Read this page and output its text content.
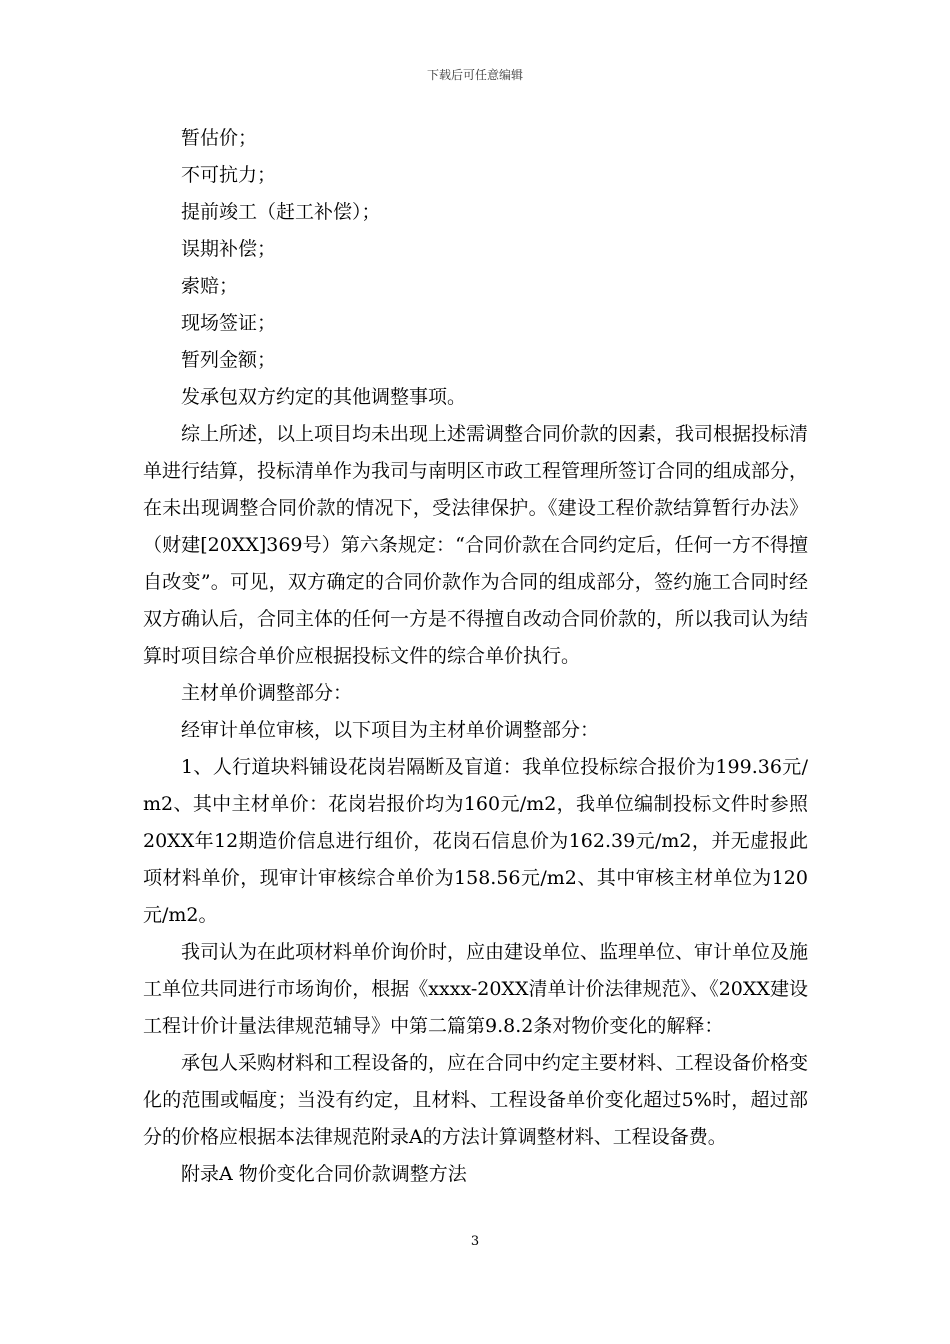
下载后可任意编辑

暂估价；

不可抗力；

提前竣工（赶工补偿）；

误期补偿；

索赔；

现场签证；

暂列金额；

发承包双方约定的其他调整事项。

综上所述，以上项目均未出现上述需调整合同价款的因素，我司根据投标清单进行结算，投标清单作为我司与南明区市政工程管理所签订合同的组成部分，在未出现调整合同价款的情况下，受法律保护。《建设工程价款结算暂行办法》（财建[20XX]369号）第六条规定：“合同价款在合同约定后，任何一方不得擅自改变”。可见，双方确定的合同价款作为合同的组成部分，签约施工合同时经双方确认后，合同主体的任何一方是不得擅自改动合同价款的，所以我司认为结算时项目综合单价应根据投标文件的综合单价执行。

主材单价调整部分：

经审计单位审核，以下项目为主材单价调整部分：

1、人行道块料铺设花岗岩隔断及盲道：我单位投标综合报价为199.36元/m2、其中主材单价：花岗岩报价均为160元/m2，我单位编制投标文件时参照20XX年12期造价信息进行组价，花岗石信息价为162.39元/m2，并无虚报此项材料单价，现审计审核综合单价为158.56元/m2、其中审核主材单位为120元/m2。

我司认为在此项材料单价询价时，应由建设单位、监理单位、审计单位及施工单位共同进行市场询价，根据《xxxx-20XX清单计价法律规范》、《20XX建设工程计价计量法律规范辅导》中第二篇第9.8.2条对物价变化的解释：

承包人采购材料和工程设备的，应在合同中约定主要材料、工程设备价格变化的范围或幅度；当没有约定，且材料、工程设备单价变化超过5%时，超过部分的价格应根据本法律规范附录A的方法计算调整材料、工程设备费。

附录A 物价变化合同价款调整方法

3
